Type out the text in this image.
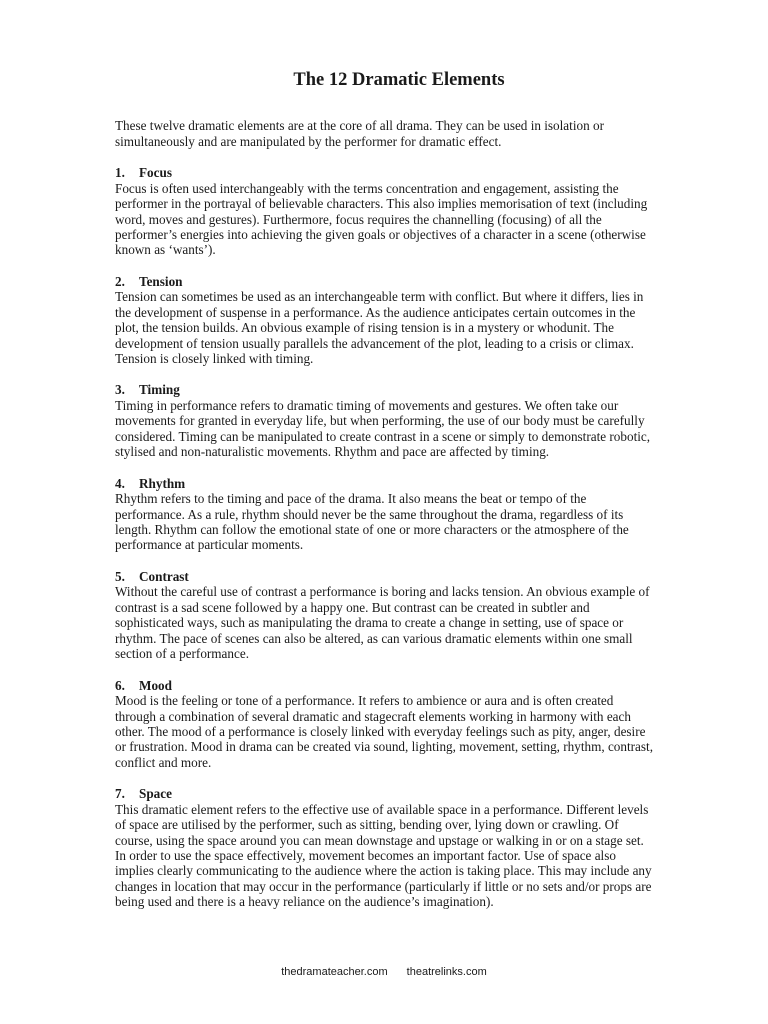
The 12 Dramatic Elements

These twelve dramatic elements are at the core of all drama. They can be used in isolation or simultaneously and are manipulated by the performer for dramatic effect.

1.	Focus

Focus is often used interchangeably with the terms concentration and engagement, assisting the performer in the portrayal of believable characters. This also implies memorisation of text (including word, moves and gestures). Furthermore, focus requires the channelling (focusing) of all the performer’s energies into achieving the given goals or objectives of a character in a scene (otherwise known as ‘wants’).

2.	Tension

Tension can sometimes be used as an interchangeable term with conflict. But where it differs, lies in the development of suspense in a performance. As the audience anticipates certain outcomes in the plot, the tension builds. An obvious example of rising tension is in a mystery or whodunit. The development of tension usually parallels the advancement of the plot, leading to a crisis or climax. Tension is closely linked with timing.

3.	Timing

Timing in performance refers to dramatic timing of movements and gestures. We often take our movements for granted in everyday life, but when performing, the use of our body must be carefully considered. Timing can be manipulated to create contrast in a scene or simply to demonstrate robotic, stylised and non-naturalistic movements. Rhythm and pace are affected by timing.

4.	Rhythm

Rhythm refers to the timing and pace of the drama. It also means the beat or tempo of the performance. As a rule, rhythm should never be the same throughout the drama, regardless of its length. Rhythm can follow the emotional state of one or more characters or the atmosphere of the performance at particular moments.

5.	Contrast

Without the careful use of contrast a performance is boring and lacks tension. An obvious example of contrast is a sad scene followed by a happy one. But contrast can be created in subtler and sophisticated ways, such as manipulating the drama to create a change in setting, use of space or rhythm. The pace of scenes can also be altered, as can various dramatic elements within one small section of a performance.

6.	Mood

Mood is the feeling or tone of a performance. It refers to ambience or aura and is often created through a combination of several dramatic and stagecraft elements working in harmony with each other. The mood of a performance is closely linked with everyday feelings such as pity, anger, desire or frustration. Mood in drama can be created via sound, lighting, movement, setting, rhythm, contrast, conflict and more.

7.	Space

This dramatic element refers to the effective use of available space in a performance. Different levels of space are utilised by the performer, such as sitting, bending over, lying down or crawling. Of course, using the space around you can mean downstage and upstage or walking in or on a stage set. In order to use the space effectively, movement becomes an important factor. Use of space also implies clearly communicating to the audience where the action is taking place. This may include any changes in location that may occur in the performance (particularly if little or no sets and/or props are being used and there is a heavy reliance on the audience’s imagination).

thedramateacher.com theatrelinks.com
